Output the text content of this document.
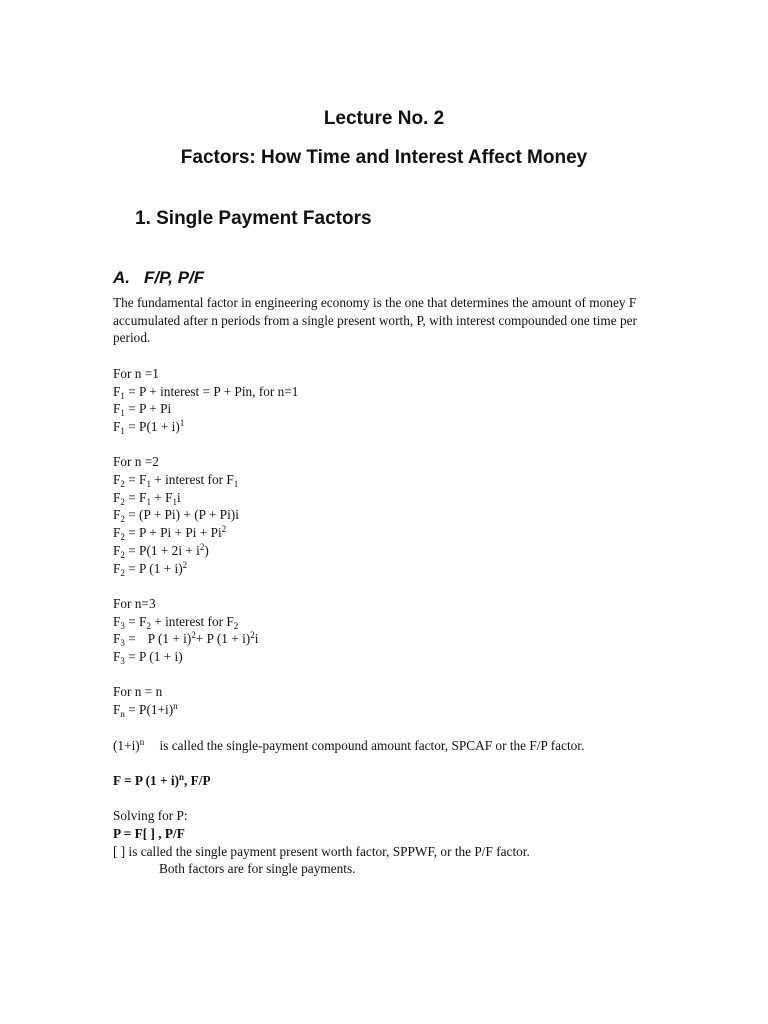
Lecture No. 2
Factors: How Time and Interest Affect Money
1. Single Payment Factors
A. F/P, P/F

The fundamental factor in engineering economy is the one that determines the amount of money F accumulated after n periods from a single present worth, P, with interest compounded one time per period.

For n =1

$F_1 = P$ + interest = P + Pin, for n=1

$F_1 = P + Pi$

$F_1 = P(1 + i)^1$

For n =2

$F_2 = F_1$ + interest for $F_1$

$F_2 = F_1 + F_1i$

$F_2 = (P + Pi) + (P + Pi)i$

$F_2 = P + Pi + Pi + Pi^2$

$F_2 = P(1 + 2i + i^2)$

$F_2 = P$ $(1 + i)^2$

For n=3

$F_3 = F_2$ + interest for $F_2$

$F_3 = P$ $(1 + i)^2+ P$ $(1 + i)^2i$

$F_3 = P$ (1 + i)

For n = n

$F_n = P(1+i)^n$

$(1+i)^n$ is called the single-payment compound amount factor, SPCAF or the F/P factor.

F = P $(1 + i)^n$, F/P

Solving for P:

P = F[ ] , P/F

[ ] is called the single payment present worth factor, SPPWF, or the P/F factor.

Both factors are for single payments.
